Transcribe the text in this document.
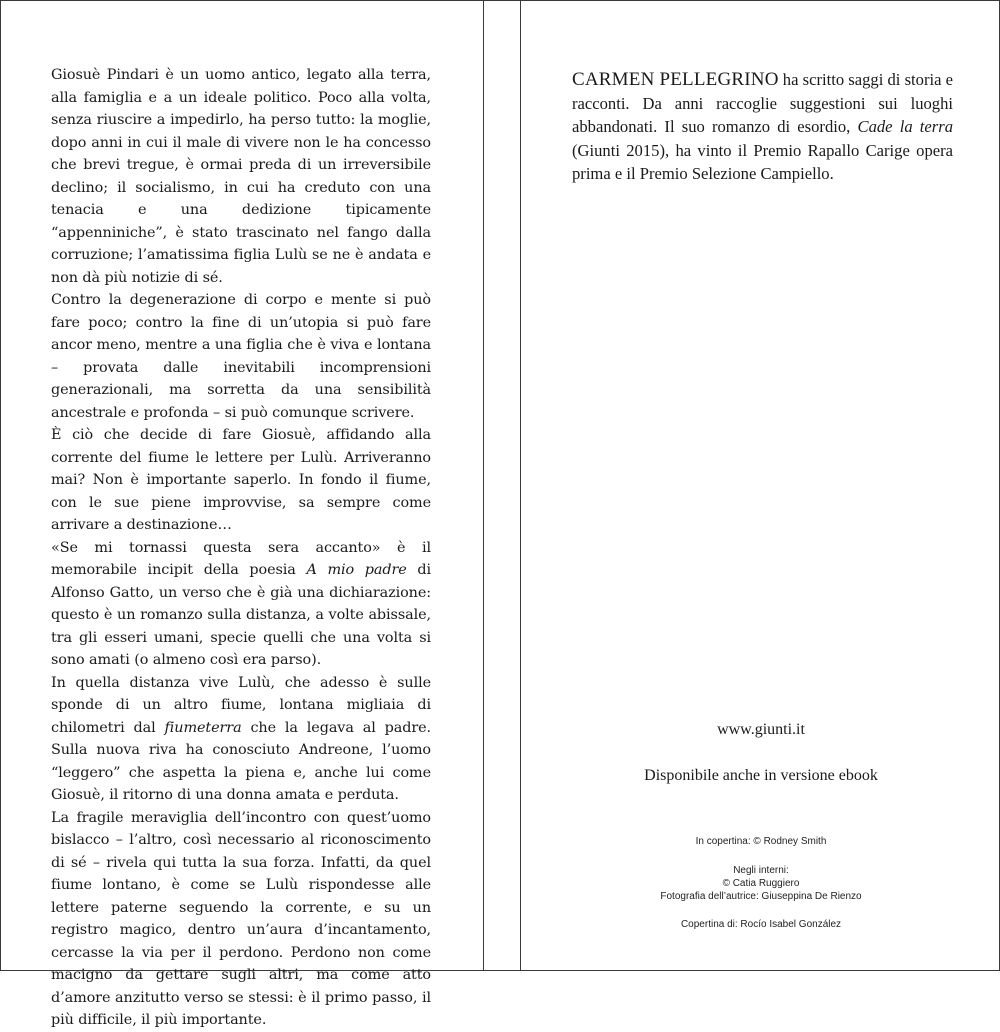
Giosuè Pindari è un uomo antico, legato alla terra, alla famiglia e a un ideale politico. Poco alla volta, senza riuscire a impedirlo, ha perso tutto: la moglie, dopo anni in cui il male di vivere non le ha concesso che brevi tregue, è ormai preda di un irreversibile declino; il socialismo, in cui ha creduto con una tenacia e una dedizione tipicamente “appenniniche”, è stato trascinato nel fango dalla corruzione; l’amatissima figlia Lulù se ne è andata e non dà più notizie di sé.

Contro la degenerazione di corpo e mente si può fare poco; contro la fine di un’utopia si può fare ancor meno, mentre a una figlia che è viva e lontana – provata dalle inevitabili incomprensioni generazionali, ma sorretta da una sensibilità ancestrale e profonda – si può comunque scrivere.

È ciò che decide di fare Giosuè, affidando alla corrente del fiume le lettere per Lulù. Arriveranno mai? Non è importante saperlo. In fondo il fiume, con le sue piene improvvise, sa sempre come arrivare a destinazione…

«Se mi tornassi questa sera accanto» è il memorabile incipit della poesia A mio padre di Alfonso Gatto, un verso che è già una dichiarazione: questo è un romanzo sulla distanza, a volte abissale, tra gli esseri umani, specie quelli che una volta si sono amati (o almeno così era parso).

In quella distanza vive Lulù, che adesso è sulle sponde di un altro fiume, lontana migliaia di chilometri dal fiumeterra che la legava al padre. Sulla nuova riva ha conosciuto Andreone, l’uomo “leggero” che aspetta la piena e, anche lui come Giosuè, il ritorno di una donna amata e perduta.

La fragile meraviglia dell’incontro con quest’uomo bislacco – l’altro, così necessario al riconoscimento di sé – rivela qui tutta la sua forza. Infatti, da quel fiume lontano, è come se Lulù rispondesse alle lettere paterne seguendo la corrente, e su un registro magico, dentro un’aura d’incantamento, cercasse la via per il perdono. Perdono non come macigno da gettare sugli altri, ma come atto d’amore anzitutto verso se stessi: è il primo passo, il più difficile, il più importante.

CARMEN PELLEGRINO ha scritto saggi di storia e racconti. Da anni raccoglie suggestioni sui luoghi abbandonati. Il suo romanzo di esordio, Cade la terra (Giunti 2015), ha vinto il Premio Rapallo Carige opera prima e il Premio Selezione Campiello.

www.giunti.it

Disponibile anche in versione ebook

In copertina: © Rodney Smith

Negli interni:

© Catia Ruggiero

Fotografia dell’autrice: Giuseppina De Rienzo

Copertina di: Rocío Isabel González
